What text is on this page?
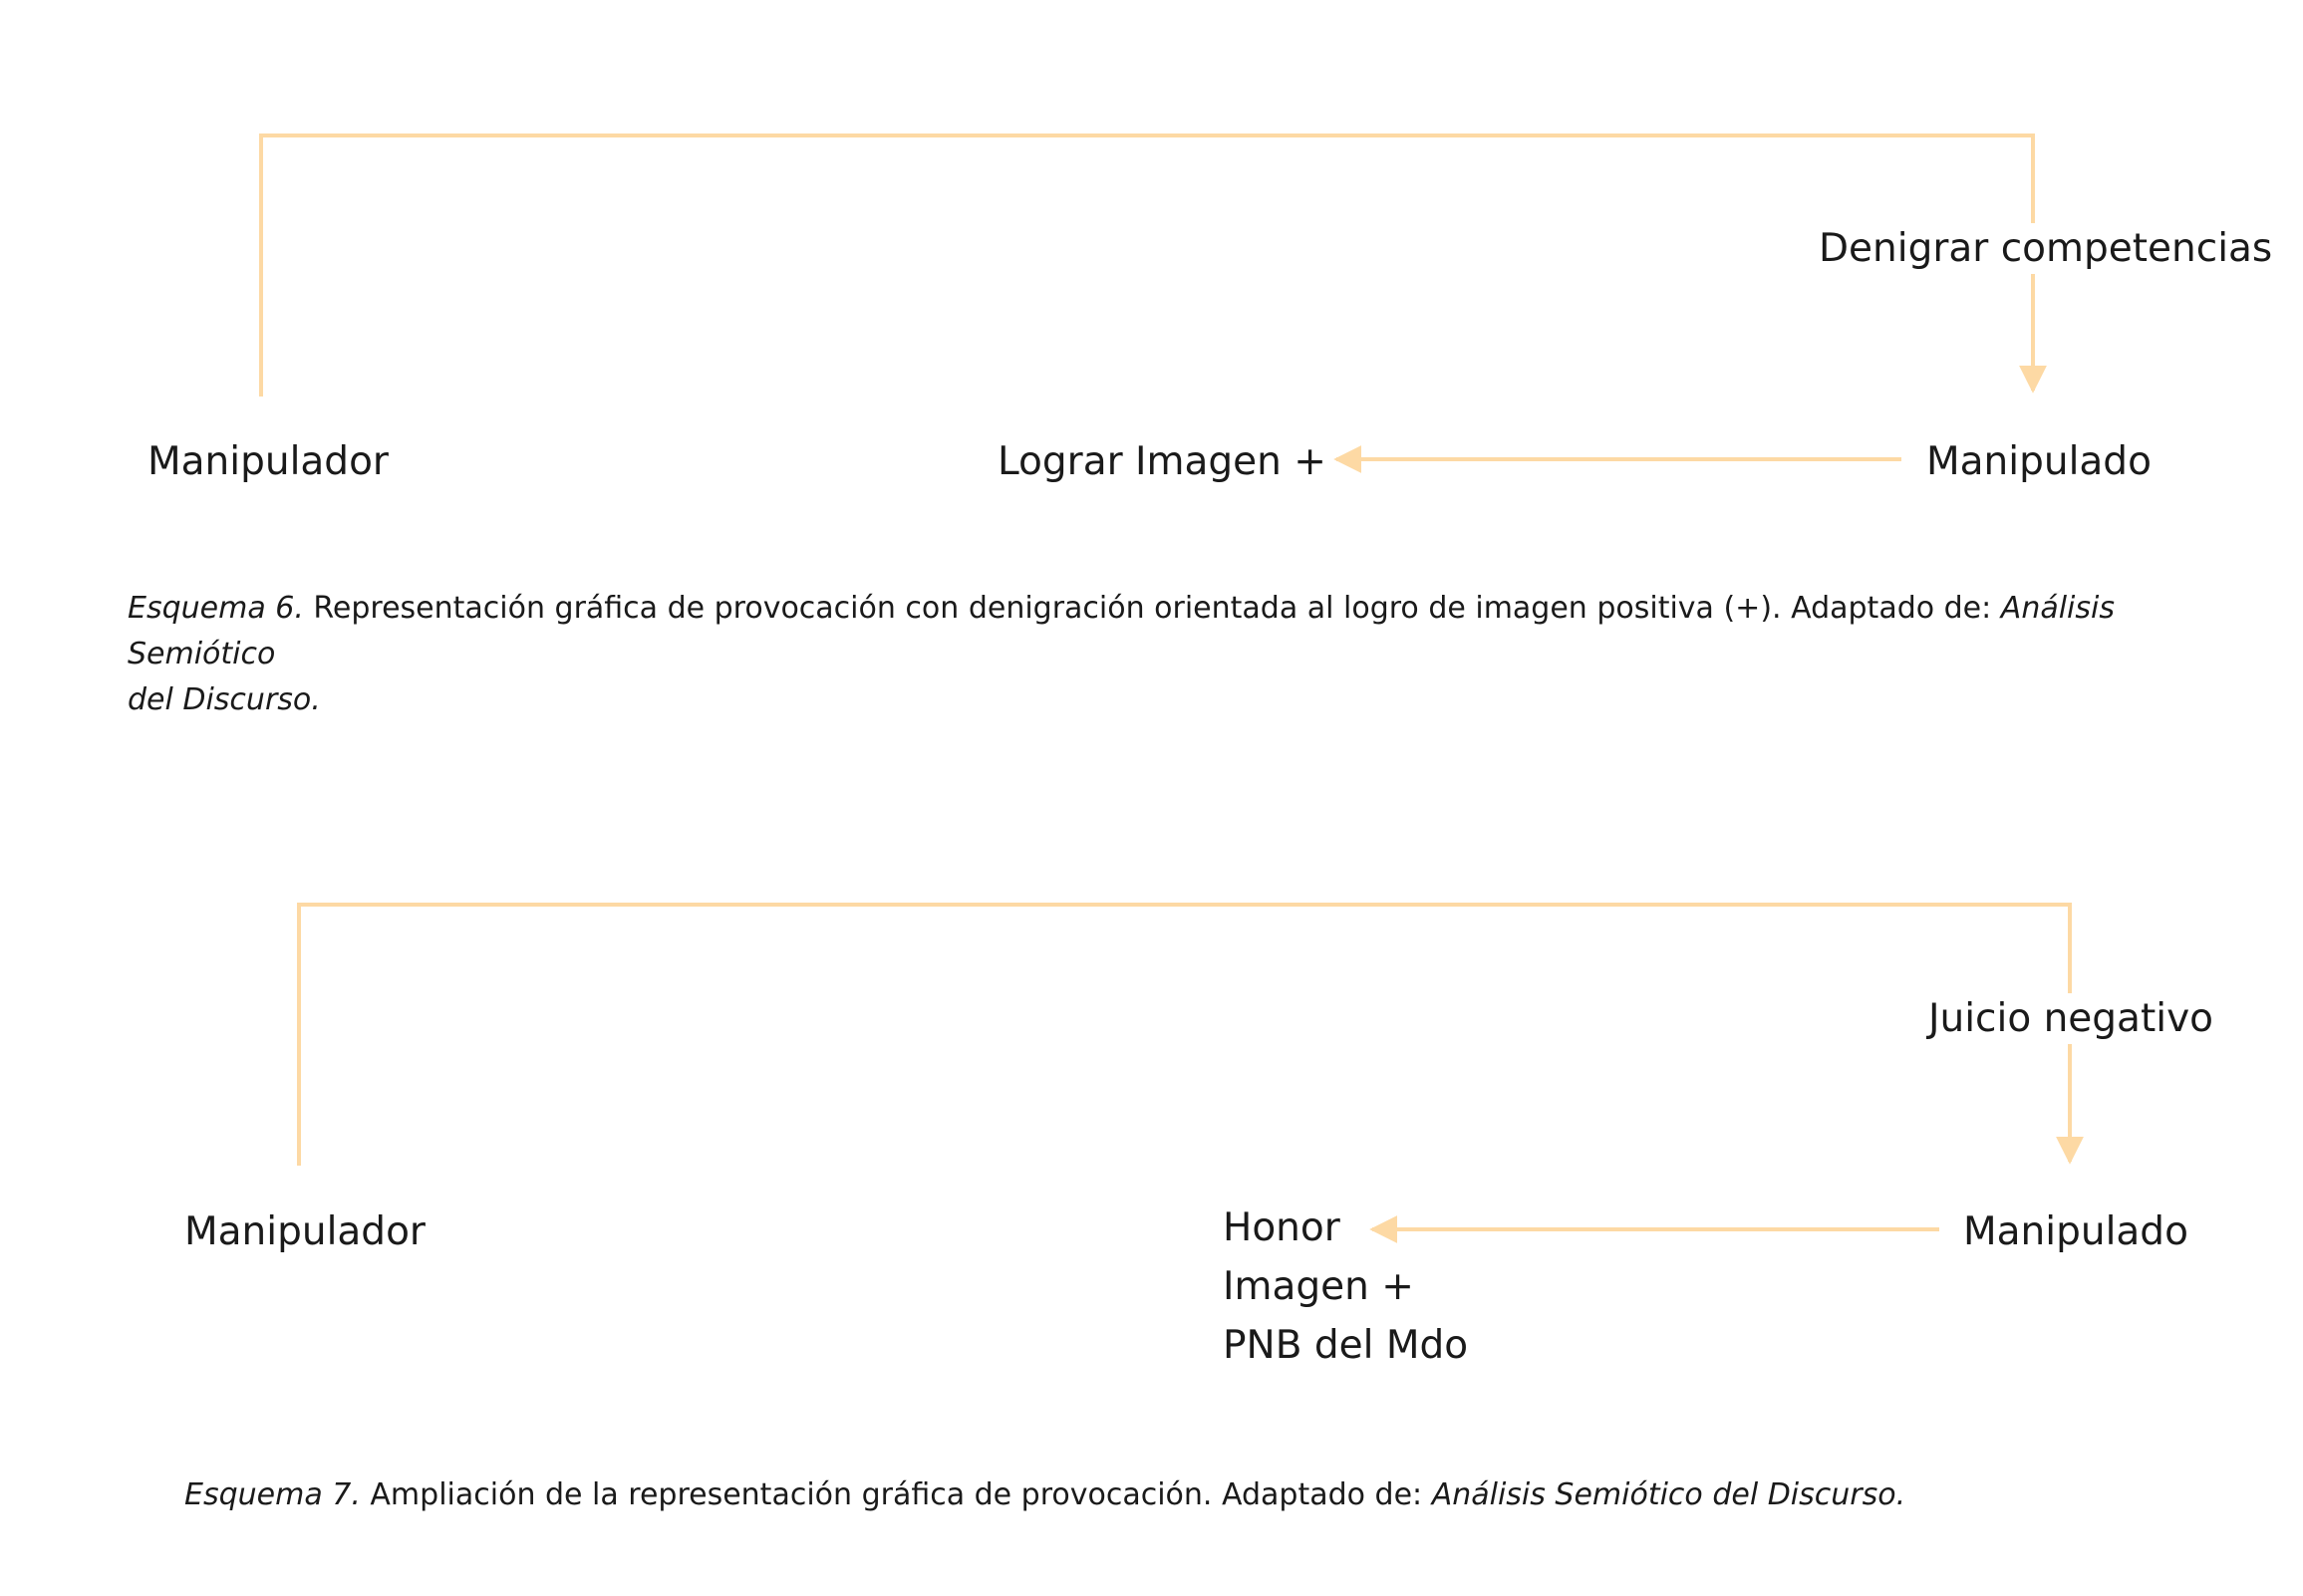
Denigrar competencias
Manipulador	Lograr Imagen +	Manipulado
Esquema 6. Representación gráfica de provocación con denigración orientada al logro de imagen positiva (+). Adaptado de: Análisis Semiótico
del Discurso.
Juicio negativo
Manipulador	Honor
Imagen +
PNB del Mdo
Manipulado
Esquema 7. Ampliación de la representación gráfica de provocación. Adaptado de: Análisis Semiótico del Discurso.
